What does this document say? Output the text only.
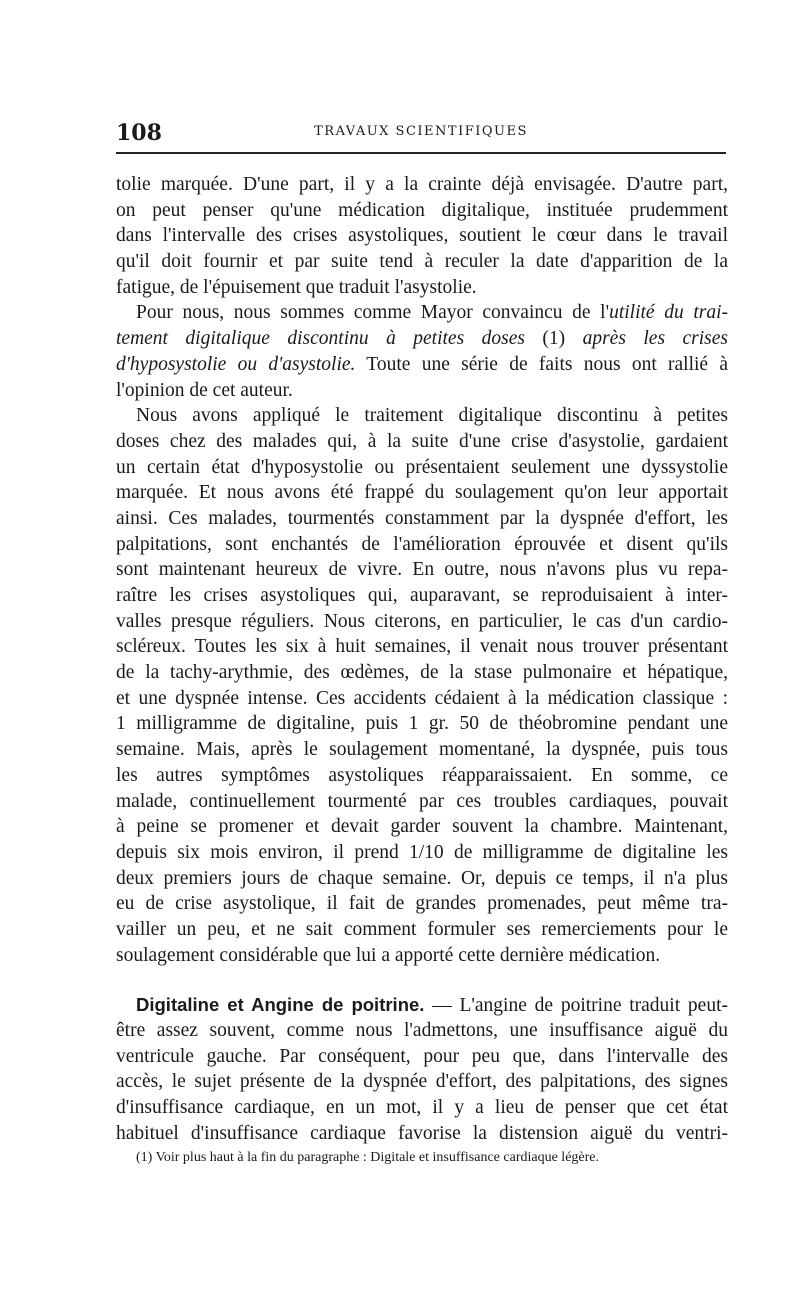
108	TRAVAUX SCIENTIFIQUES
tolie marquée. D'une part, il y a la crainte déjà envisagée. D'autre part,
on peut penser qu'une médication digitalique, instituée prudemment
dans l'intervalle des crises asystoliques, soutient le cœur dans le travail
qu'il doit fournir et par suite tend à reculer la date d'apparition de la
fatigue, de l'épuisement que traduit l'asystolie.
Pour nous, nous sommes comme Mayor convaincu de l'utilité du trai-
tement digitalique discontinu à petites doses (1) après les crises
d'hyposystolie ou d'asystolie. Toute une série de faits nous ont rallié à
l'opinion de cet auteur.
Nous avons appliqué le traitement digitalique discontinu à petites
doses chez des malades qui, à la suite d'une crise d'asystolie, gardaient
un certain état d'hyposystolie ou présentaient seulement une dyssystolie
marquée. Et nous avons été frappé du soulagement qu'on leur apportait
ainsi. Ces malades, tourmentés constamment par la dyspnée d'effort, les
palpitations, sont enchantés de l'amélioration éprouvée et disent qu'ils
sont maintenant heureux de vivre. En outre, nous n'avons plus vu repa-
raître les crises asystoliques qui, auparavant, se reproduisaient à inter-
valles presque réguliers. Nous citerons, en particulier, le cas d'un cardio-
scléreux. Toutes les six à huit semaines, il venait nous trouver présentant
de la tachy-arythmie, des œdèmes, de la stase pulmonaire et hépatique,
et une dyspnée intense. Ces accidents cédaient à la médication classique :
1 milligramme de digitaline, puis 1 gr. 50 de théobromine pendant une
semaine. Mais, après le soulagement momentané, la dyspnée, puis tous
les autres symptômes asystoliques réapparaissaient. En somme, ce
malade, continuellement tourmenté par ces troubles cardiaques, pouvait
à peine se promener et devait garder souvent la chambre. Maintenant,
depuis six mois environ, il prend 1/10 de milligramme de digitaline les
deux premiers jours de chaque semaine. Or, depuis ce temps, il n'a plus
eu de crise asystolique, il fait de grandes promenades, peut même tra-
vailler un peu, et ne sait comment formuler ses remerciements pour le
soulagement considérable que lui a apporté cette dernière médication.
Digitaline et Angine de poitrine. — L'angine de poitrine traduit peut-
être assez souvent, comme nous l'admettons, une insuffisance aiguë du
ventricule gauche. Par conséquent, pour peu que, dans l'intervalle des
accès, le sujet présente de la dyspnée d'effort, des palpitations, des signes
d'insuffisance cardiaque, en un mot, il y a lieu de penser que cet état
habituel d'insuffisance cardiaque favorise la distension aiguë du ventri-
(1) Voir plus haut à la fin du paragraphe : Digitale et insuffisance cardiaque légère.
